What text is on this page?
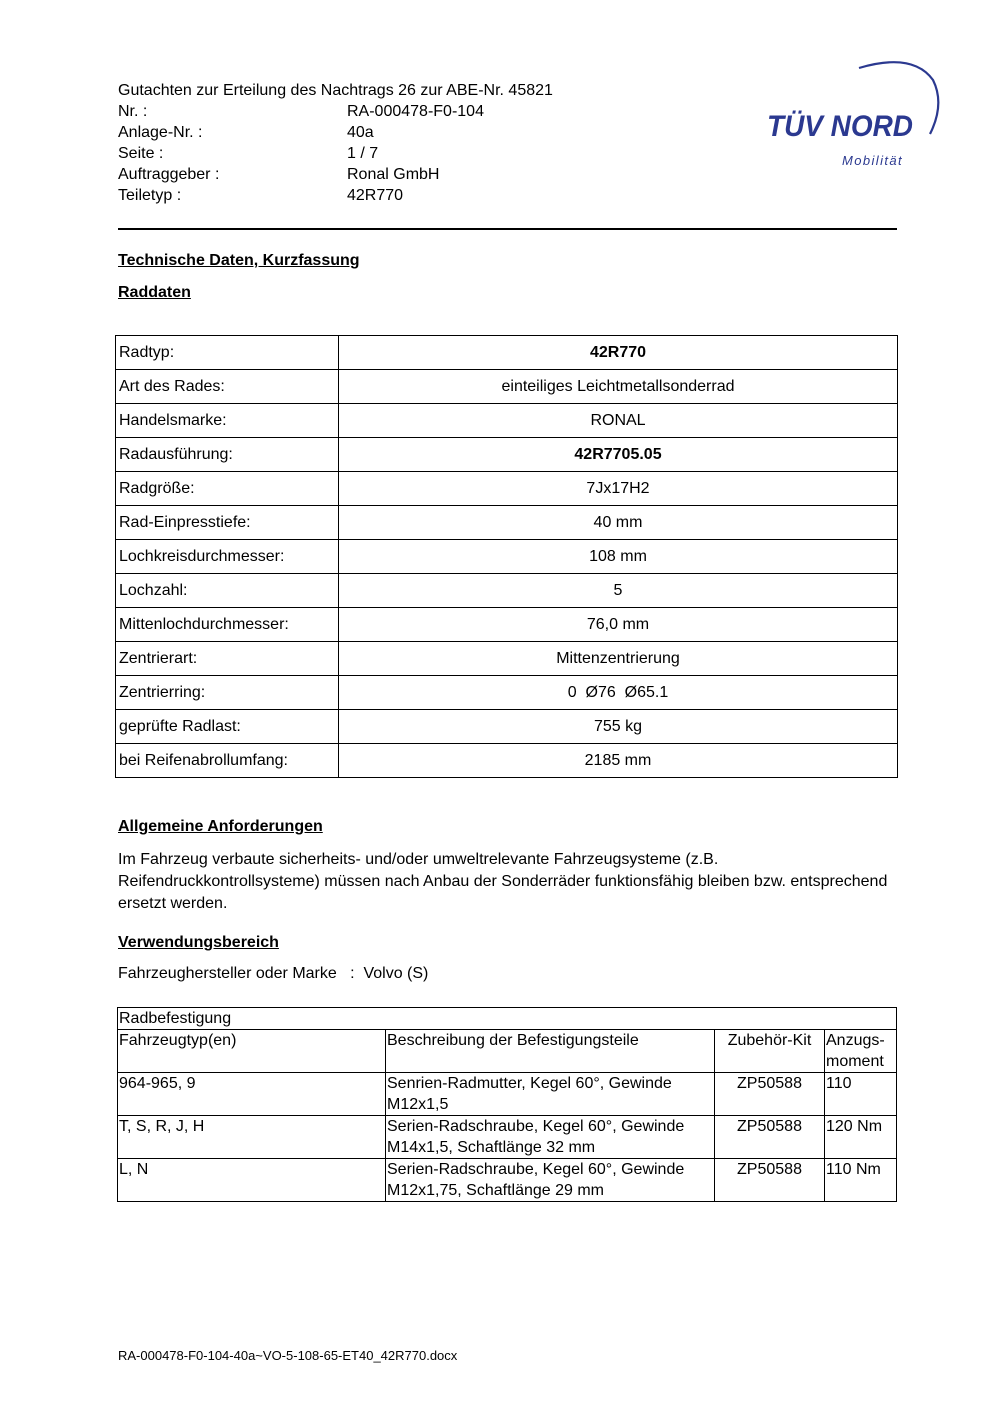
Gutachten zur Erteilung des Nachtrags 26 zur ABE-Nr. 45821
Nr. :	RA-000478-F0-104
Anlage-Nr. :	40a
Seite :	1 / 7
Auftraggeber :	Ronal GmbH
Teiletyp :	42R770
TÜV NORD
Mobilität
Technische Daten, Kurzfassung
Raddaten
Radtyp:	42R770
Art des Rades:	einteiliges Leichtmetallsonderrad
Handelsmarke:	RONAL
Radausführung:	42R7705.05
Radgröße:	7Jx17H2
Rad-Einpresstiefe:	40 mm
Lochkreisdurchmesser:	108 mm
Lochzahl:	5
Mittenlochdurchmesser:	76,0 mm
Zentrierart:	Mittenzentrierung
Zentrierring:	0  Ø76  Ø65.1
geprüfte Radlast:	755 kg
bei Reifenabrollumfang:	2185 mm
Allgemeine Anforderungen
Im Fahrzeug verbaute sicherheits- und/oder umweltrelevante Fahrzeugsysteme (z.B. Reifendruckkontrollsysteme) müssen nach Anbau der Sonderräder funktionsfähig bleiben bzw. entsprechend ersetzt werden.
Verwendungsbereich
Fahrzeughersteller oder Marke : Volvo (S)
Radbefestigung			
Fahrzeugtyp(en)	Beschreibung der Befestigungsteile	Zubehör-Kit	Anzugs-
moment
964-965, 9	Senrien-Radmutter, Kegel 60°, Gewinde M12x1,5	ZP50588	110
T, S, R, J, H	Serien-Radschraube, Kegel 60°, Gewinde M14x1,5, Schaftlänge 32 mm	ZP50588	120 Nm
L, N	Serien-Radschraube, Kegel 60°, Gewinde M12x1,75, Schaftlänge 29 mm	ZP50588	110 Nm
RA-000478-F0-104-40a~VO-5-108-65-ET40_42R770.docx
